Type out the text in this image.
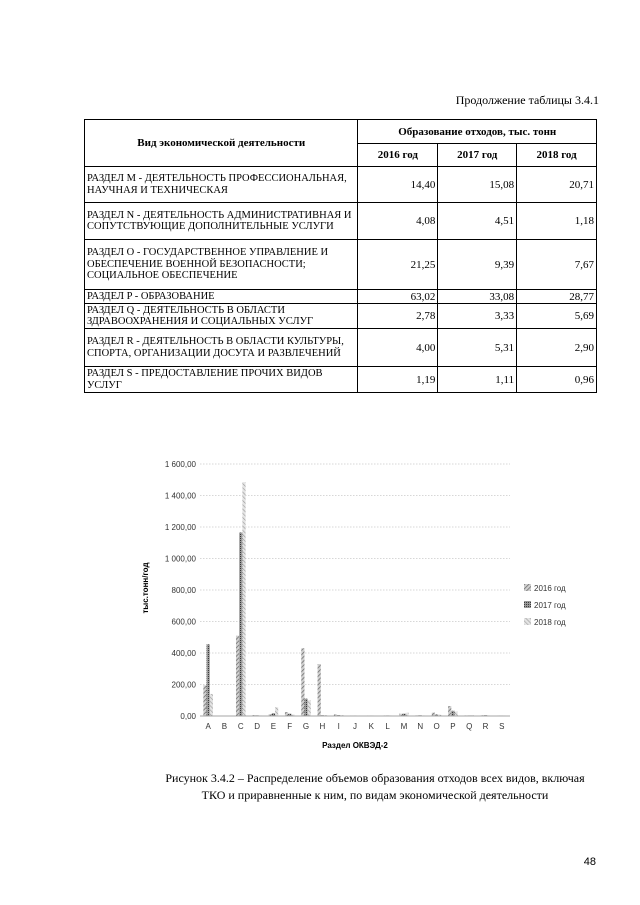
Продолжение таблицы 3.4.1
Вид экономической деятельности	Образование отходов, тыс. тонн		
	2016 год	2017 год	2018 год
РАЗДЕЛ M - ДЕЯТЕЛЬНОСТЬ ПРОФЕССИОНАЛЬНАЯ, НАУЧНАЯ И ТЕХНИЧЕСКАЯ	14,40	15,08	20,71
РАЗДЕЛ N - ДЕЯТЕЛЬНОСТЬ АДМИНИСТРАТИВНАЯ И СОПУТСТВУЮЩИЕ ДОПОЛНИТЕЛЬНЫЕ УСЛУГИ	4,08	4,51	1,18
РАЗДЕЛ O - ГОСУДАРСТВЕННОЕ УПРАВЛЕНИЕ И ОБЕСПЕЧЕНИЕ ВОЕННОЙ БЕЗОПАСНОСТИ; СОЦИАЛЬНОЕ ОБЕСПЕЧЕНИЕ	21,25	9,39	7,67
РАЗДЕЛ P - ОБРАЗОВАНИЕ	63,02	33,08	28,77
РАЗДЕЛ Q - ДЕЯТЕЛЬНОСТЬ В ОБЛАСТИ ЗДРАВООХРАНЕНИЯ И СОЦИАЛЬНЫХ УСЛУГ	2,78	3,33	5,69
РАЗДЕЛ R - ДЕЯТЕЛЬНОСТЬ В ОБЛАСТИ КУЛЬТУРЫ, СПОРТА, ОРГАНИЗАЦИИ ДОСУГА И РАЗВЛЕЧЕНИЙ	4,00	5,31	2,90
РАЗДЕЛ S - ПРЕДОСТАВЛЕНИЕ ПРОЧИХ ВИДОВ УСЛУГ	1,19	1,11	0,96
0,00
200,00
400,00
600,00
800,00
1 000,00
1 200,00
1 400,00
1 600,00
A B C D E F G H I J K L M N O P Q R S
тыс.тонн/год
Раздел ОКВЭД-2
2016 год
2017 год
2018 год
Рисунок 3.4.2 – Распределение объемов образования отходов всех видов, включая
ТКО и приравненные к ним, по видам экономической деятельности
48
